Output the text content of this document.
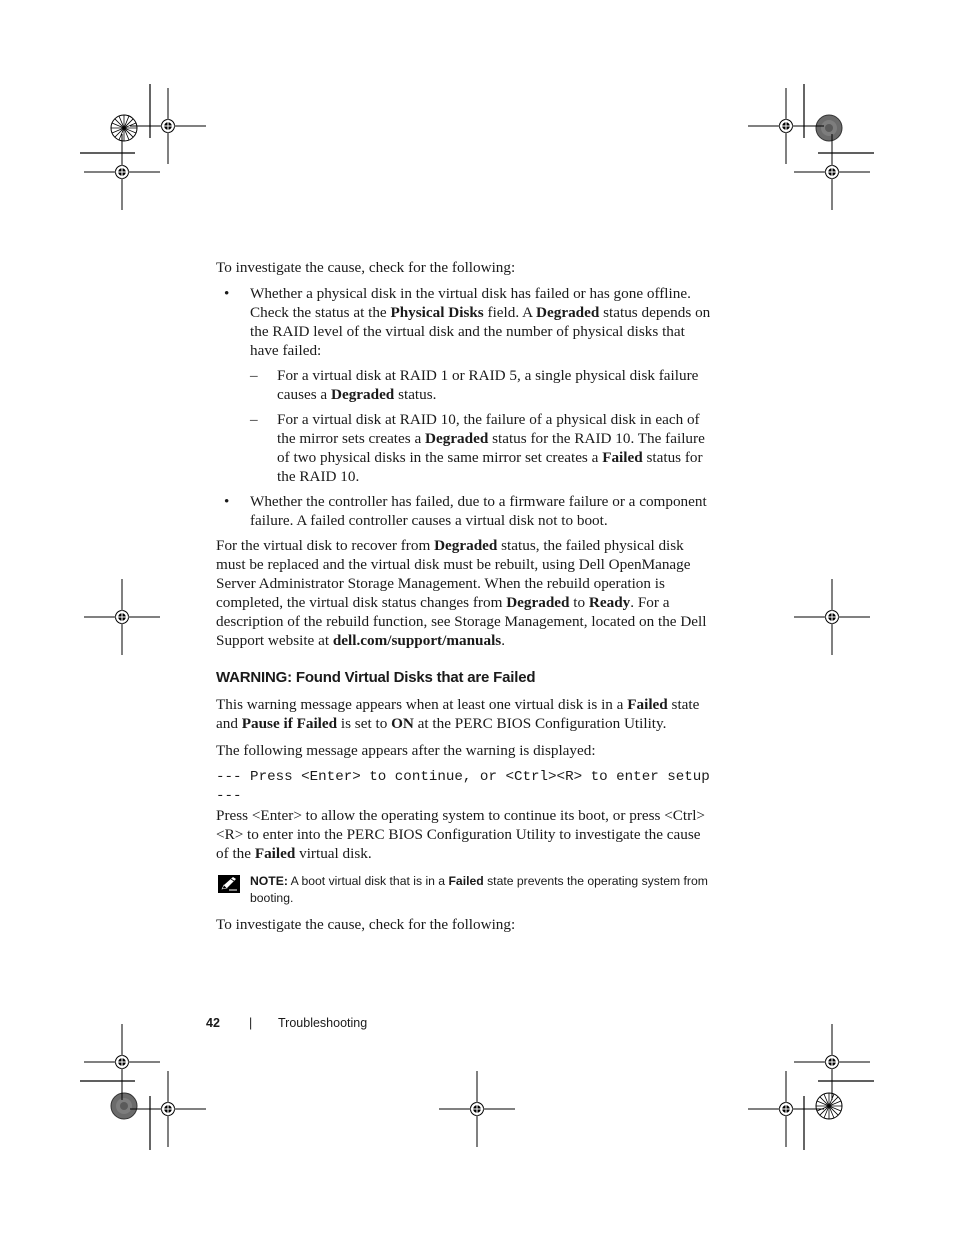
To investigate the cause, check for the following:

• Whether a physical disk in the virtual disk has failed or has gone offline. Check the status at the Physical Disks field. A Degraded status depends on the RAID level of the virtual disk and the number of physical disks that have failed:
– For a virtual disk at RAID 1 or RAID 5, a single physical disk failure causes a Degraded status.
– For a virtual disk at RAID 10, the failure of a physical disk in each of the mirror sets creates a Degraded status for the RAID 10. The failure of two physical disks in the same mirror set creates a Failed status for the RAID 10.
• Whether the controller has failed, due to a firmware failure or a component failure. A failed controller causes a virtual disk not to boot.

For the virtual disk to recover from Degraded status, the failed physical disk must be replaced and the virtual disk must be rebuilt, using Dell OpenManage Server Administrator Storage Management. When the rebuild operation is completed, the virtual disk status changes from Degraded to Ready. For a description of the rebuild function, see Storage Management, located on the Dell Support website at dell.com/support/manuals.

WARNING: Found Virtual Disks that are Failed

This warning message appears when at least one virtual disk is in a Failed state and Pause if Failed is set to ON at the PERC BIOS Configuration Utility.

The following message appears after the warning is displayed:

--- Press <Enter> to continue, or <Ctrl><R> to enter setup ---

Press <Enter> to allow the operating system to continue its boot, or press <Ctrl><R> to enter into the PERC BIOS Configuration Utility to investigate the cause of the Failed virtual disk.

NOTE: A boot virtual disk that is in a Failed state prevents the operating system from booting.

To investigate the cause, check for the following:

42 | Troubleshooting
